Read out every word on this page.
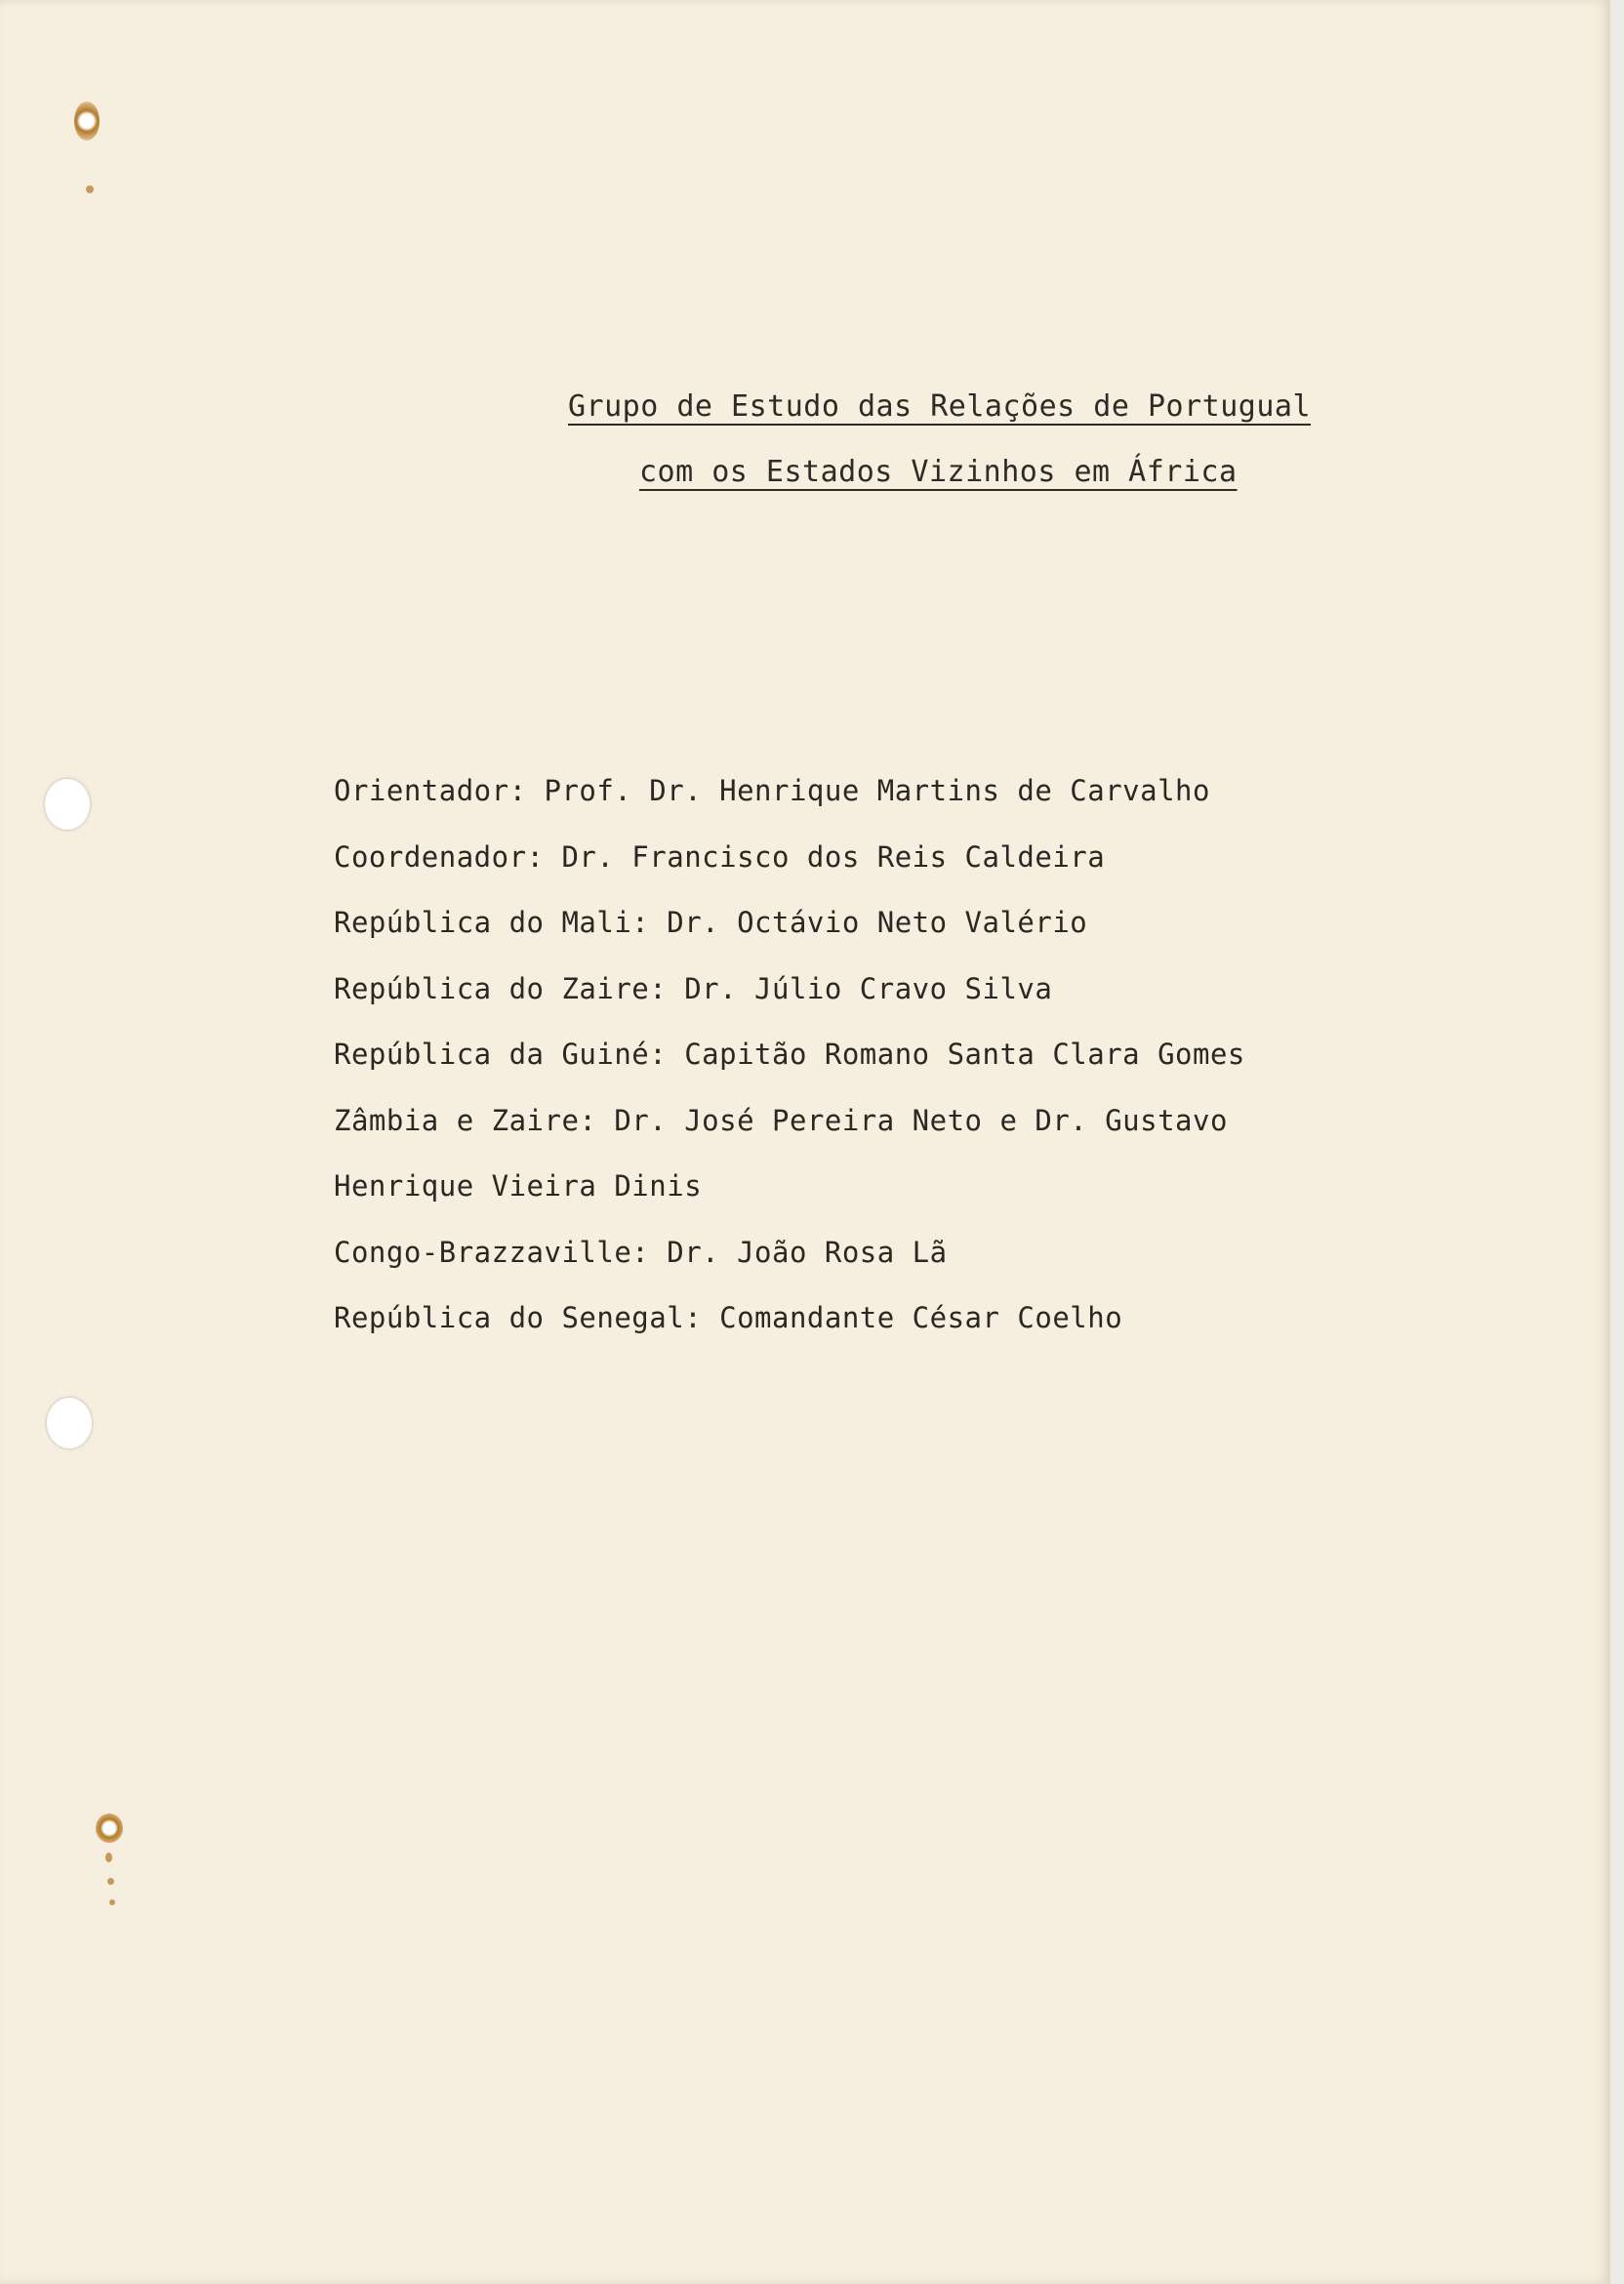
Grupo de Estudo das Relações de Portugual
com os Estados Vizinhos em África
Orientador: Prof. Dr. Henrique Martins de Carvalho
Coordenador: Dr. Francisco dos Reis Caldeira
República do Mali: Dr. Octávio Neto Valério
República do Zaire: Dr. Júlio Cravo Silva
República da Guiné: Capitão Romano Santa Clara Gomes
Zâmbia e Zaire: Dr. José Pereira Neto e Dr. Gustavo
Henrique Vieira Dinis
Congo-Brazzaville: Dr. João Rosa Lã
República do Senegal: Comandante César Coelho
